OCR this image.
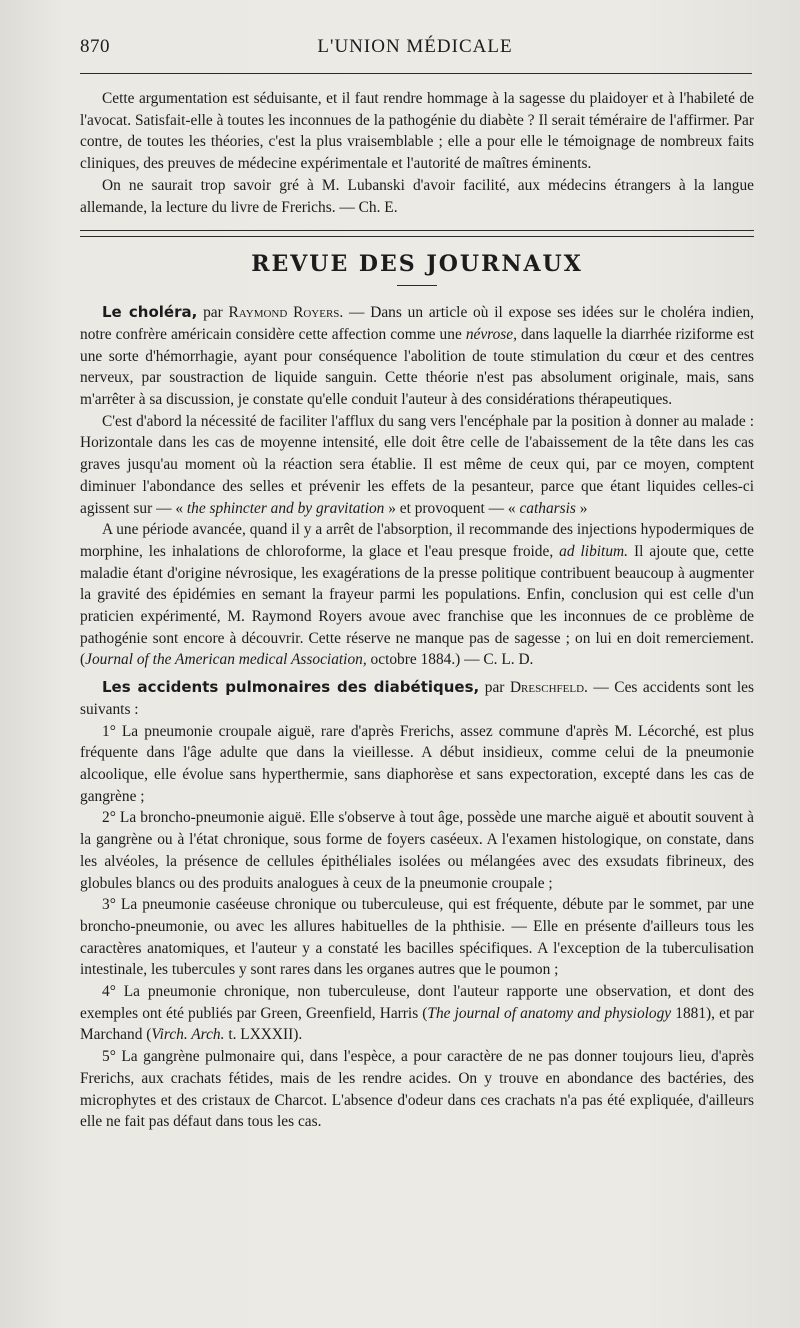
870	L'UNION MÉDICALE

Cette argumentation est séduisante, et il faut rendre hommage à la sagesse du plaidoyer et à l'habileté de l'avocat. Satisfait-elle à toutes les inconnues de la pathogénie du diabète ? Il serait téméraire de l'affirmer. Par contre, de toutes les théories, c'est la plus vraisemblable ; elle a pour elle le témoignage de nombreux faits cliniques, des preuves de médecine expérimentale et l'autorité de maîtres éminents.

On ne saurait trop savoir gré à M. Lubanski d'avoir facilité, aux médecins étrangers à la langue allemande, la lecture du livre de Frerichs. — Ch. E.

REVUE DES JOURNAUX

Le choléra, par Raymond Royers. — Dans un article où il expose ses idées sur le choléra indien, notre confrère américain considère cette affection comme une névrose, dans laquelle la diarrhée riziforme est une sorte d'hémorrhagie, ayant pour conséquence l'abolition de toute stimulation du cœur et des centres nerveux, par soustraction de liquide sanguin. Cette théorie n'est pas absolument originale, mais, sans m'arrêter à sa discussion, je constate qu'elle conduit l'auteur à des considérations thérapeutiques.

C'est d'abord la nécessité de faciliter l'afflux du sang vers l'encéphale par la position à donner au malade : Horizontale dans les cas de moyenne intensité, elle doit être celle de l'abaissement de la tête dans les cas graves jusqu'au moment où la réaction sera établie. Il est même de ceux qui, par ce moyen, comptent diminuer l'abondance des selles et prévenir les effets de la pesanteur, parce que étant liquides celles-ci agissent sur — « the sphincter and by gravitation » et provoquent — « catharsis »

A une période avancée, quand il y a arrêt de l'absorption, il recommande des injections hypodermiques de morphine, les inhalations de chloroforme, la glace et l'eau presque froide, ad libitum. Il ajoute que, cette maladie étant d'origine névrosique, les exagérations de la presse politique contribuent beaucoup à augmenter la gravité des épidémies en semant la frayeur parmi les populations. Enfin, conclusion qui est celle d'un praticien expérimenté, M. Raymond Royers avoue avec franchise que les inconnues de ce problème de pathogénie sont encore à découvrir. Cette réserve ne manque pas de sagesse ; on lui en doit remerciement. (Journal of the American medical Association, octobre 1884.) — C. L. D.

Les accidents pulmonaires des diabétiques, par Dreschfeld. — Ces accidents sont les suivants :

1° La pneumonie croupale aiguë, rare d'après Frerichs, assez commune d'après M. Lécorché, est plus fréquente dans l'âge adulte que dans la vieillesse. A début insidieux, comme celui de la pneumonie alcoolique, elle évolue sans hyperthermie, sans diaphorèse et sans expectoration, excepté dans les cas de gangrène ;

2° La broncho-pneumonie aiguë. Elle s'observe à tout âge, possède une marche aiguë et aboutit souvent à la gangrène ou à l'état chronique, sous forme de foyers caséeux. A l'examen histologique, on constate, dans les alvéoles, la présence de cellules épithéliales isolées ou mélangées avec des exsudats fibrineux, des globules blancs ou des produits analogues à ceux de la pneumonie croupale ;

3° La pneumonie caséeuse chronique ou tuberculeuse, qui est fréquente, débute par le sommet, par une broncho-pneumonie, ou avec les allures habituelles de la phthisie. — Elle en présente d'ailleurs tous les caractères anatomiques, et l'auteur y a constaté les bacilles spécifiques. A l'exception de la tuberculisation intestinale, les tubercules y sont rares dans les organes autres que le poumon ;

4° La pneumonie chronique, non tuberculeuse, dont l'auteur rapporte une observation, et dont des exemples ont été publiés par Green, Greenfield, Harris (The journal of anatomy and physiology 1881), et par Marchand (Virch. Arch. t. LXXXII).

5° La gangrène pulmonaire qui, dans l'espèce, a pour caractère de ne pas donner toujours lieu, d'après Frerichs, aux crachats fétides, mais de les rendre acides. On y trouve en abondance des bactéries, des microphytes et des cristaux de Charcot. L'absence d'odeur dans ces crachats n'a pas été expliquée, d'ailleurs elle ne fait pas défaut dans tous les cas.
